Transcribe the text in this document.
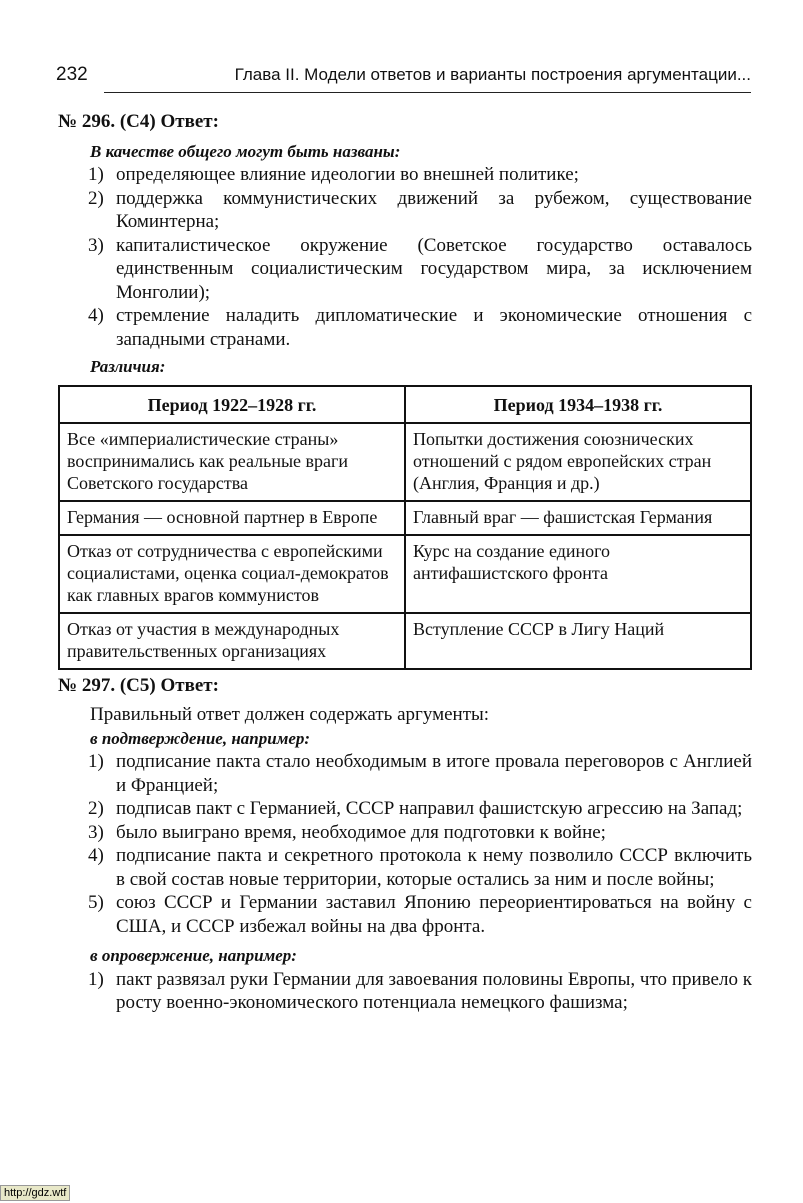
232	Глава II. Модели ответов и варианты построения аргументации...
№ 296. (С4) Ответ:
В качестве общего могут быть названы:
1) определяющее влияние идеологии во внешней политике;
2) поддержка коммунистических движений за рубежом, существование Коминтерна;
3) капиталистическое окружение (Советское государство оставалось единственным социалистическим государством мира, за исключением Монголии);
4) стремление наладить дипломатические и экономические отношения с западными странами.
Различия:
Период 1922–1928 гг.	Период 1934–1938 гг.
Все «империалистические страны» воспринимались как реальные враги Советского государства	Попытки достижения союзнических отношений с рядом европейских стран (Англия, Франция и др.)
Германия — основной партнер в Европе	Главный враг — фашистская Германия
Отказ от сотрудничества с европейскими социалистами, оценка социал-демократов как главных врагов коммунистов	Курс на создание единого антифашистского фронта
Отказ от участия в международных правительственных организациях	Вступление СССР в Лигу Наций
№ 297. (С5) Ответ:
Правильный ответ должен содержать аргументы:
в подтверждение, например:
1) подписание пакта стало необходимым в итоге провала переговоров с Англией и Францией;
2) подписав пакт с Германией, СССР направил фашистскую агрессию на Запад;
3) было выиграно время, необходимое для подготовки к войне;
4) подписание пакта и секретного протокола к нему позволило СССР включить в свой состав новые территории, которые остались за ним и после войны;
5) союз СССР и Германии заставил Японию переориентироваться на войну с США, и СССР избежал войны на два фронта.
в опровержение, например:
1) пакт развязал руки Германии для завоевания половины Европы, что привело к росту военно-экономического потенциала немецкого фашизма;
http://gdz.wtf
